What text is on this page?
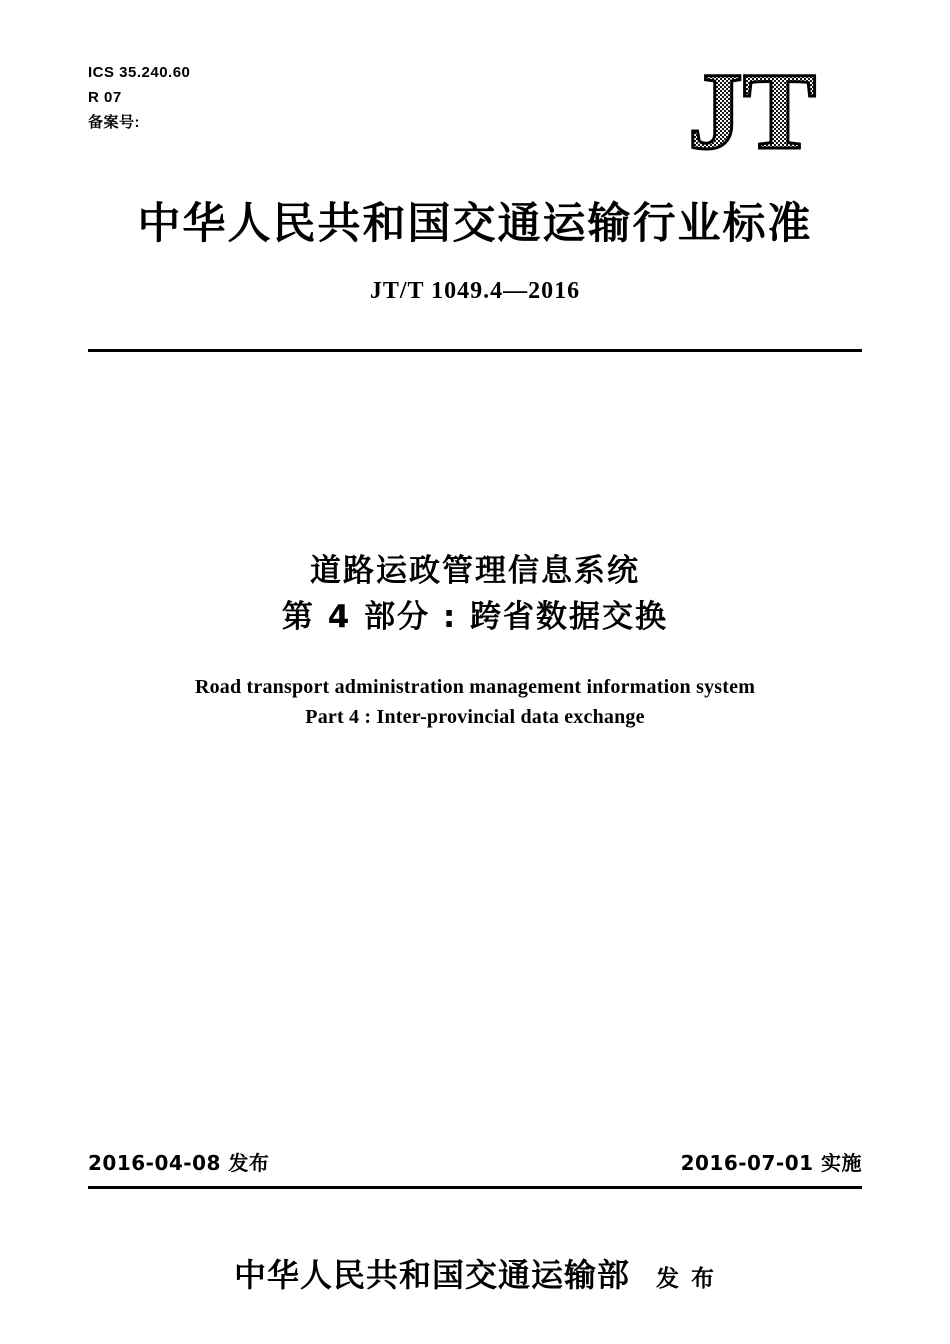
ICS 35.240.60
R 07
备案号:	JT
中华人民共和国交通运输行业标准
JT/T 1049.4—2016
道路运政管理信息系统
第 4 部分 : 跨省数据交换
Road transport administration management information system
Part 4 : Inter-provincial data exchange
2016-04-08 发布	2016-07-01 实施
中华人民共和国交通运输部 发 布
